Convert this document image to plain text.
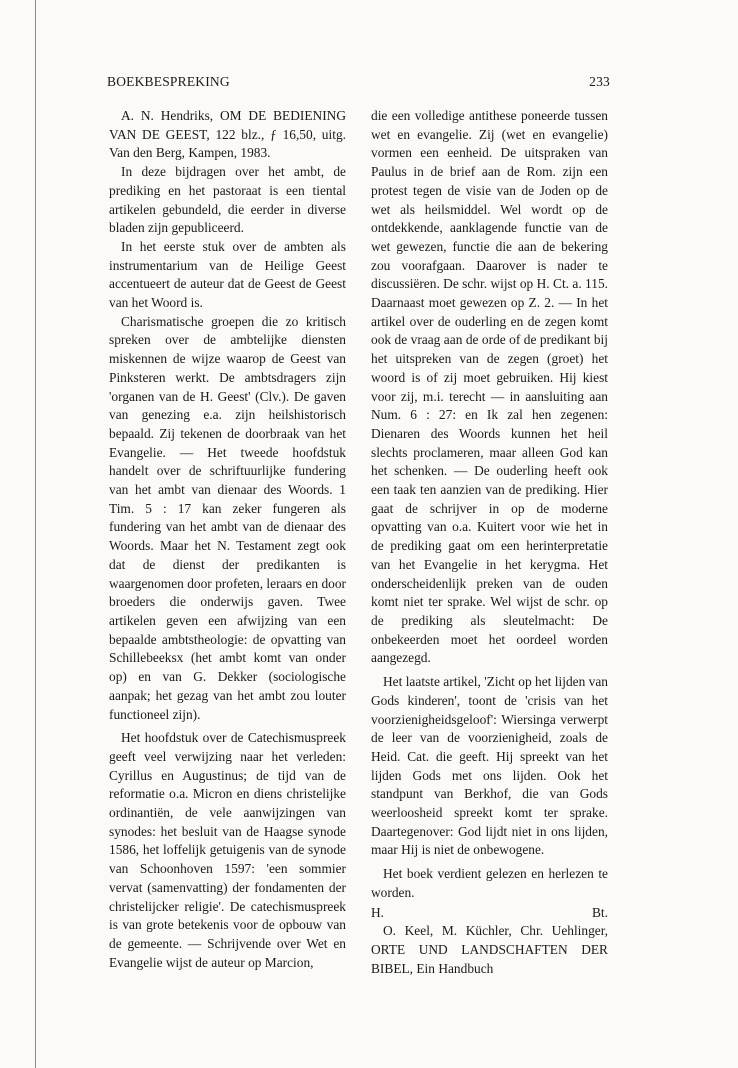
BOEKBESPREKING	233

A. N. Hendriks, OM DE BEDIENING VAN DE GEEST, 122 blz., ƒ 16,50, uitg. Van den Berg, Kampen, 1983.

In deze bijdragen over het ambt, de prediking en het pastoraat is een tiental artikelen gebundeld, die eerder in diverse bladen zijn gepubliceerd.

In het eerste stuk over de ambten als instrumentarium van de Heilige Geest accentueert de auteur dat de Geest de Geest van het Woord is.

Charismatische groepen die zo kritisch spreken over de ambtelijke diensten miskennen de wijze waarop de Geest van Pinksteren werkt. De ambtsdragers zijn 'organen van de H. Geest' (Clv.). De gaven van genezing e.a. zijn heilshistorisch bepaald. Zij tekenen de doorbraak van het Evangelie. — Het tweede hoofdstuk handelt over de schriftuurlijke fundering van het ambt van dienaar des Woords. 1 Tim. 5 : 17 kan zeker fungeren als fundering van het ambt van de dienaar des Woords. Maar het N. Testament zegt ook dat de dienst der predikanten is waargenomen door profeten, leraars en door broeders die onderwijs gaven. Twee artikelen geven een afwijzing van een bepaalde ambtstheologie: de opvatting van Schillebeeksx (het ambt komt van onder op) en van G. Dekker (sociologische aanpak; het gezag van het ambt zou louter functioneel zijn).

Het hoofdstuk over de Catechismuspreek geeft veel verwijzing naar het verleden: Cyrillus en Augustinus; de tijd van de reformatie o.a. Micron en diens christelijke ordinantiën, de vele aanwijzingen van synodes: het besluit van de Haagse synode 1586, het loffelijk getuigenis van de synode van Schoonhoven 1597: 'een sommier vervat (samenvatting) der fondamenten der christelijcker religie'. De catechismuspreek is van grote betekenis voor de opbouw van de gemeente. — Schrijvende over Wet en Evangelie wijst de auteur op Marcion,

die een volledige antithese poneerde tussen wet en evangelie. Zij (wet en evangelie) vormen een eenheid. De uitspraken van Paulus in de brief aan de Rom. zijn een protest tegen de visie van de Joden op de wet als heilsmiddel. Wel wordt op de ontdekkende, aanklagende functie van de wet gewezen, functie die aan de bekering zou voorafgaan. Daarover is nader te discussiëren. De schr. wijst op H. Ct. a. 115. Daarnaast moet gewezen op Z. 2. — In het artikel over de ouderling en de zegen komt ook de vraag aan de orde of de predikant bij het uitspreken van de zegen (groet) het woord is of zij moet gebruiken. Hij kiest voor zij, m.i. terecht — in aansluiting aan Num. 6 : 27: en Ik zal hen zegenen: Dienaren des Woords kunnen het heil slechts proclameren, maar alleen God kan het schenken. — De ouderling heeft ook een taak ten aanzien van de prediking. Hier gaat de schrijver in op de moderne opvatting van o.a. Kuitert voor wie het in de prediking gaat om een herinterpretatie van het Evangelie in het kerygma. Het onderscheidenlijk preken van de ouden komt niet ter sprake. Wel wijst de schr. op de prediking als sleutelmacht: De onbekeerden moet het oordeel worden aangezegd.

Het laatste artikel, 'Zicht op het lijden van Gods kinderen', toont de 'crisis van het voorzienigheidsgeloof': Wiersinga verwerpt de leer van de voorzienigheid, zoals de Heid. Cat. die geeft. Hij spreekt van het lijden Gods met ons lijden. Ook het standpunt van Berkhof, die van Gods weerloosheid spreekt komt ter sprake. Daartegenover: God lijdt niet in ons lijden, maar Hij is niet de onbewogene.

Het boek verdient gelezen en herlezen te worden.

H.	Bt.

O. Keel, M. Küchler, Chr. Uehlinger, ORTE UND LANDSCHAFTEN DER BIBEL, Ein Handbuch
